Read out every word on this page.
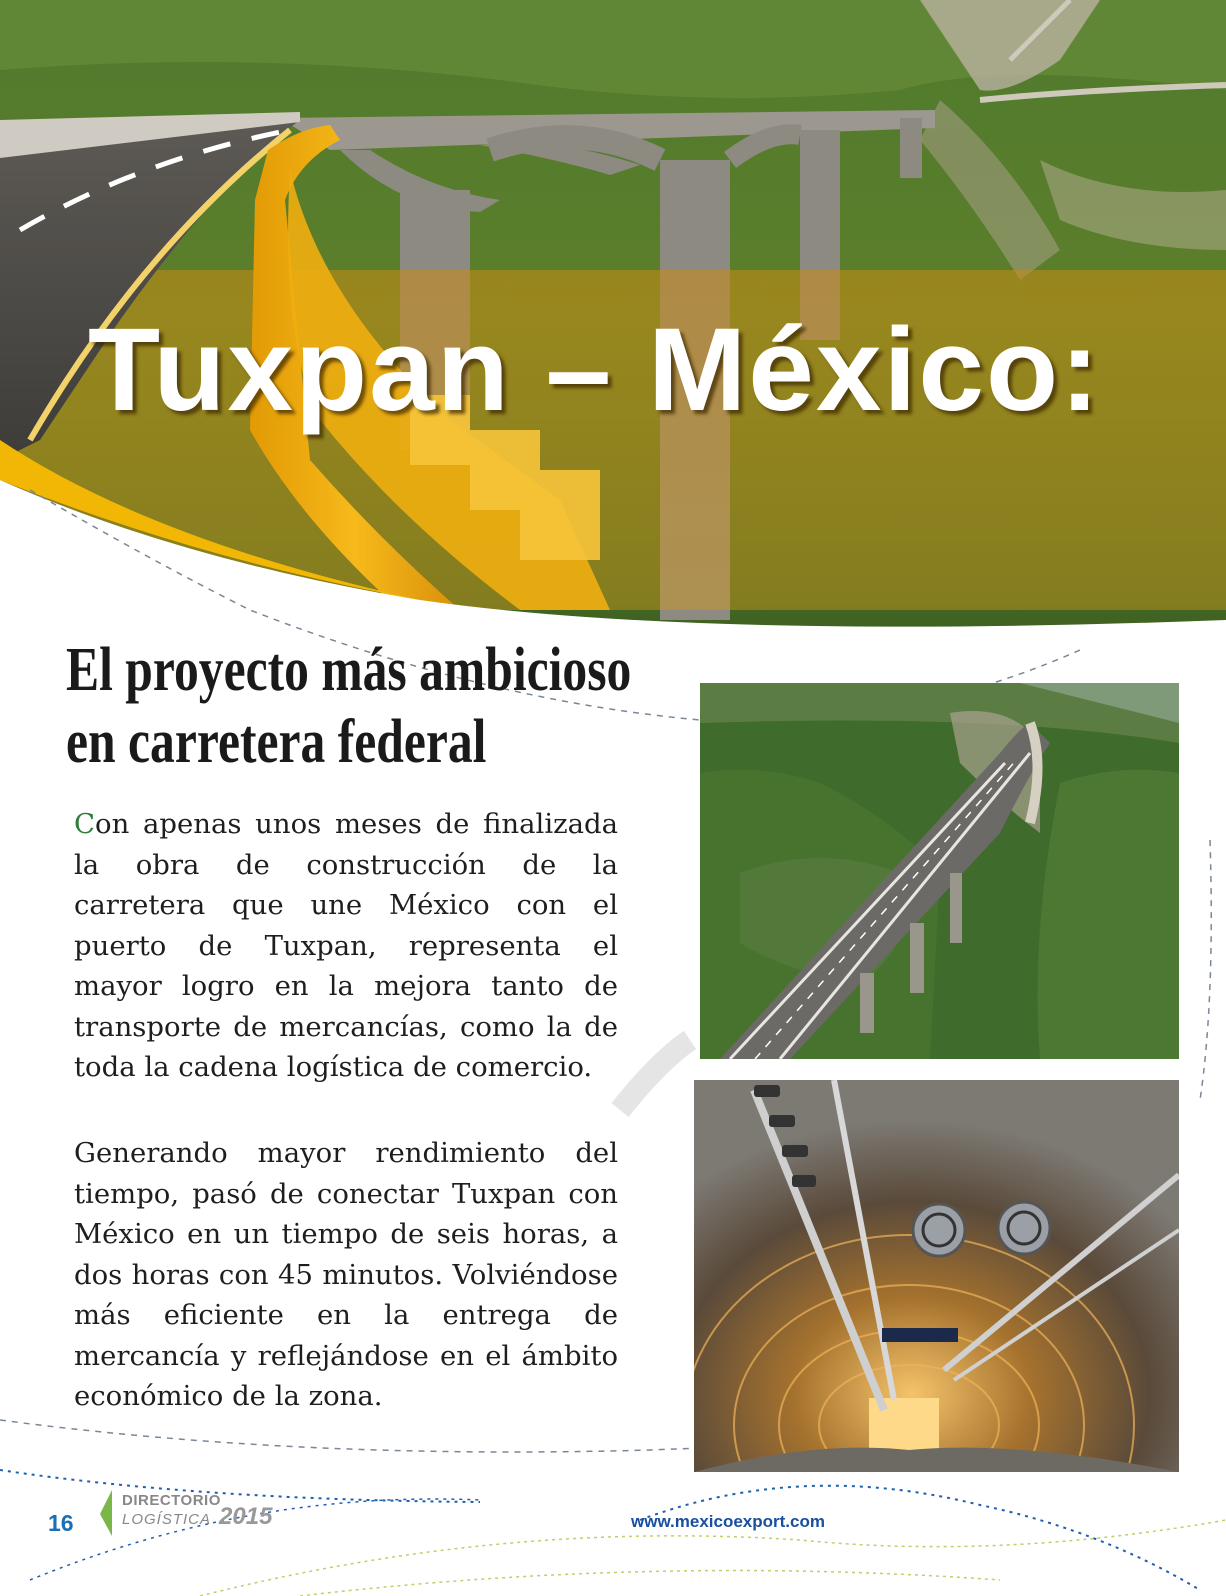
Tuxpan – México:
El proyecto más ambicioso
en carretera federal
Con apenas unos meses de finalizada la obra de construcción de la carretera que une México con el puerto de Tuxpan, representa el mayor logro en la mejora tanto de transporte de mercancías, como la de toda la cadena logística de comercio.
Generando mayor rendimiento del tiempo, pasó de conectar Tuxpan con México en un tiempo de seis horas, a dos horas con 45 minutos. Volviéndose más eficiente en la entrega de mercancía y reflejándose en el ámbito económico de la zona.
16
DIRECTORIO
LOGÍSTICA 2015	www.mexicoexport.com
